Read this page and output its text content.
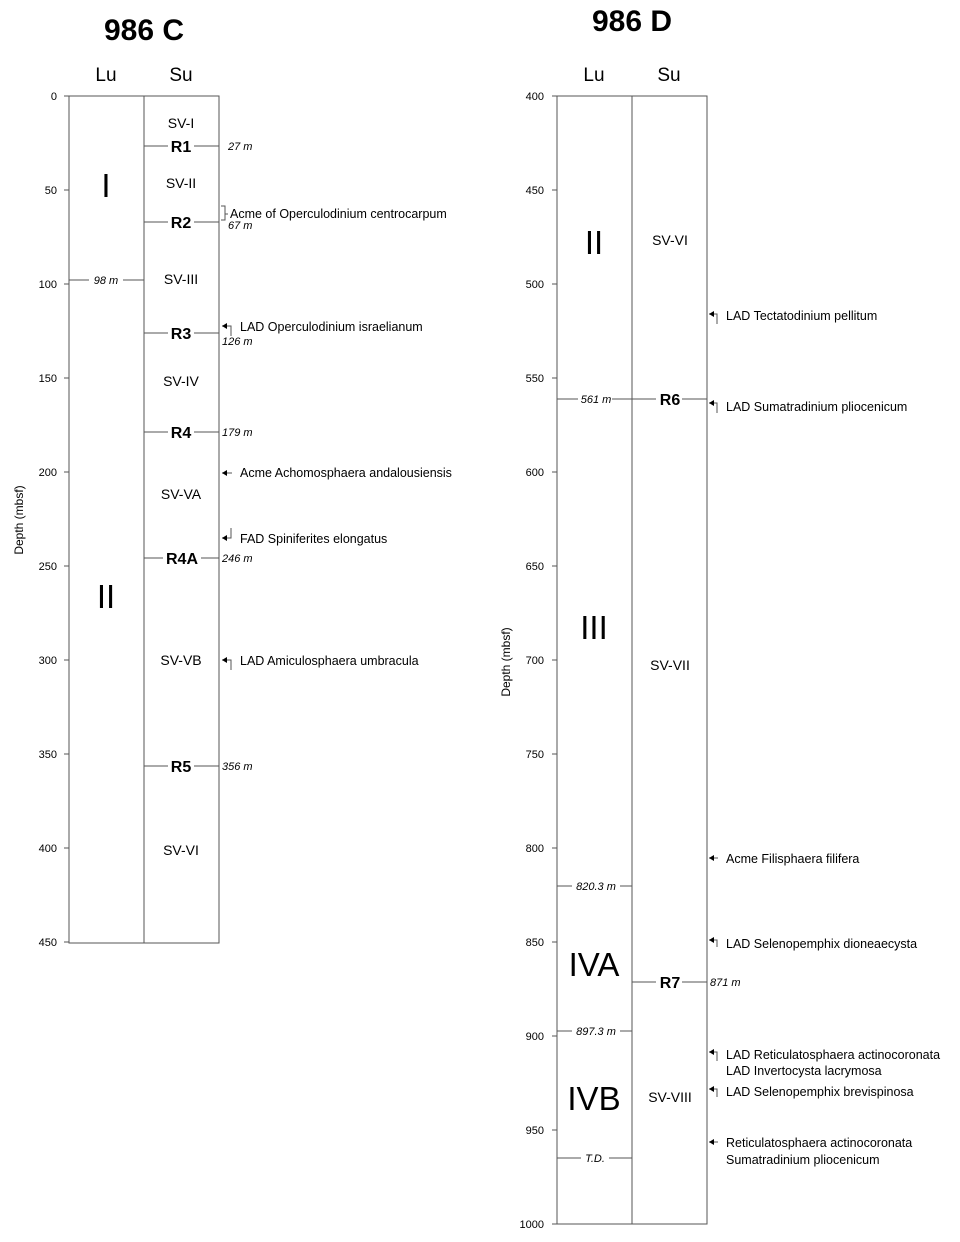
986 C
Lu	Su
Depth (mbsf)
0
50
100
150
200
250
300
350
400
450
I
II
98 m
SV-I
SV-II
SV-III
SV-IV
SV-VA
SV-VB
SV-VI
R1	27 m
R2	67 m
R3	126 m
R4	179 m
R4A 246 m
R5	356 m
Acme of Operculodinium centrocarpum
LAD Operculodinium israelianum
Acme Achomosphaera andalousiensis
FAD Spiniferites elongatus
LAD Amiculosphaera umbracula
986 D
Lu	Su
Depth (mbsf)
400
450
500
550
600
650
700
750
800
850
900
950
1000
II
III
IVA
IVB
561 m
820.3 m
897.3 m
T.D.
SV-VI
SV-VII
SV-VIII
R6
R7	871 m
LAD Tectatodinium pellitum
LAD Sumatradinium pliocenicum
Acme Filisphaera filifera
LAD Selenopemphix dioneaecysta
LAD Reticulatosphaera actinocoronata
LAD Invertocysta lacrymosa
LAD Selenopemphix brevispinosa
Reticulatosphaera actinocoronata
Sumatradinium pliocenicum
